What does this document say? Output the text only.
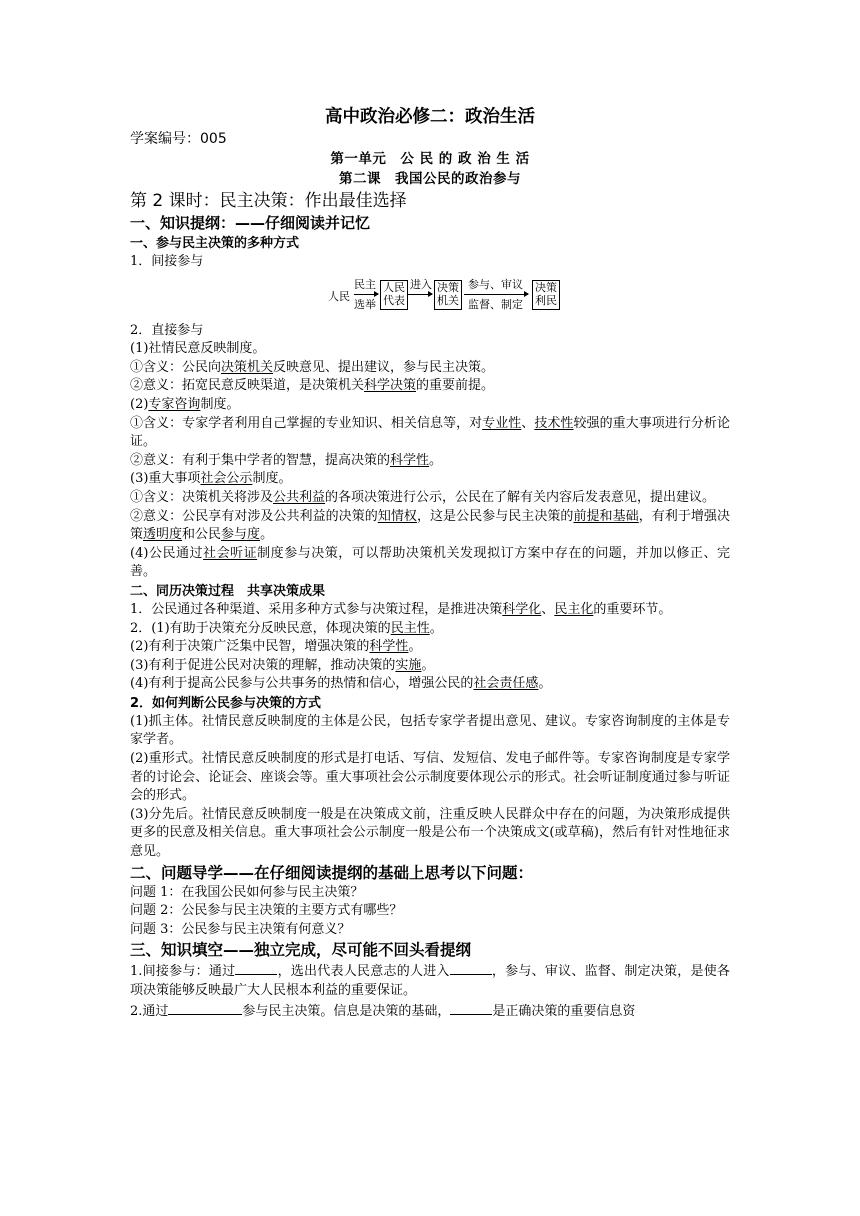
高中政治必修二：政治生活
学案编号：005
第一单元　公 民 的 政 治 生 活
第二课　我国公民的政治参与
第 2 课时：民主决策：作出最佳选择
一、知识提纲：——仔细阅读并记忆
一、参与民主决策的多种方式

1．间接参与

人民
民主
选举
人民代表
进入 决策机关
参与、审议
监督、制定
决策利民

2．直接参与

(1)社情民意反映制度。

①含义：公民向决策机关反映意见、提出建议，参与民主决策。

②意义：拓宽民意反映渠道，是决策机关科学决策的重要前提。

(2)专家咨询制度。

①含义：专家学者利用自己掌握的专业知识、相关信息等，对专业性、技术性较强的重大事项进行分析论证。

②意义：有利于集中学者的智慧，提高决策的科学性。

(3)重大事项社会公示制度。

①含义：决策机关将涉及公共利益的各项决策进行公示，公民在了解有关内容后发表意见，提出建议。

②意义：公民享有对涉及公共利益的决策的知情权，这是公民参与民主决策的前提和基础，有利于增强决策透明度和公民参与度。

(4)公民通过社会听证制度参与决策，可以帮助决策机关发现拟订方案中存在的问题，并加以修正、完善。

二、同历决策过程　共享决策成果

1．公民通过各种渠道、采用多种方式参与决策过程，是推进决策科学化、民主化的重要环节。

2．(1)有助于决策充分反映民意，体现决策的民主性。

(2)有利于决策广泛集中民智，增强决策的科学性。

(3)有利于促进公民对决策的理解，推动决策的实施。

(4)有利于提高公民参与公共事务的热情和信心，增强公民的社会责任感。

2．如何判断公民参与决策的方式

(1)抓主体。社情民意反映制度的主体是公民，包括专家学者提出意见、建议。专家咨询制度的主体是专家学者。

(2)重形式。社情民意反映制度的形式是打电话、写信、发短信、发电子邮件等。专家咨询制度是专家学者的讨论会、论证会、座谈会等。重大事项社会公示制度要体现公示的形式。社会听证制度通过参与听证会的形式。

(3)分先后。社情民意反映制度一般是在决策成文前，注重反映人民群众中存在的问题，为决策形成提供更多的民意及相关信息。重大事项社会公示制度一般是公布一个决策成文(或草稿)，然后有针对性地征求意见。

二、问题导学——在仔细阅读提纲的基础上思考以下问题：

问题 1：在我国公民如何参与民主决策？

问题 2：公民参与民主决策的主要方式有哪些？

问题 3：公民参与民主决策有何意义？

三、知识填空——独立完成，尽可能不回头看提纲

1.间接参与：通过	，选出代表人民意志的人进入	，参与、审议、监督、制定决策，是使各项决策能够反映最广大人民根本利益的重要保证。

2.通过	参与民主决策。信息是决策的基础，	是正确决策的重要信息资
